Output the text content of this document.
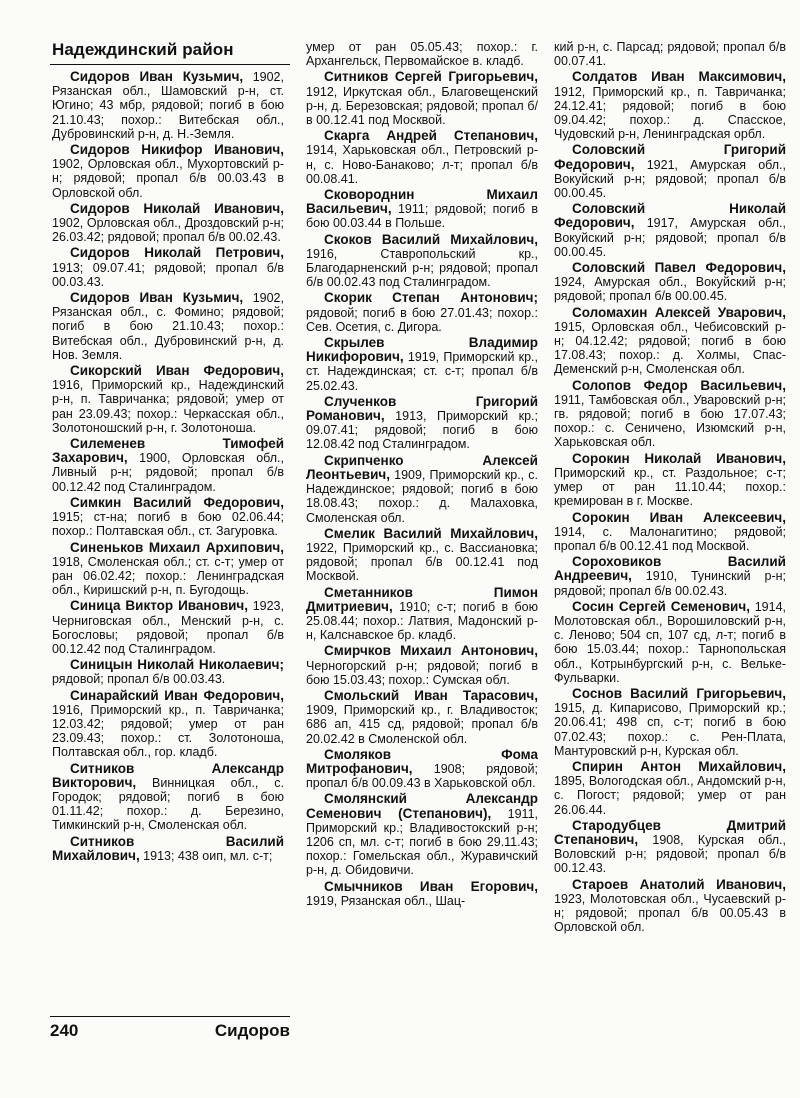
Надеждинский район
Сидоров Иван Кузьмич, 1902, Рязанская обл., Шамовский р-н, ст. Югино; 43 мбр, рядовой; погиб в бою 21.10.43; похор.: Витебская обл., Дубровинский р-н, д. Н.-Земля.
Сидоров Никифор Иванович, 1902, Орловская обл., Мухортовский р-н; рядовой; пропал б/в 00.03.43 в Орловской обл.
Сидоров Николай Иванович, 1902, Орловская обл., Дроздовский р-н; 26.03.42; рядовой; пропал б/в 00.02.43.
Сидоров Николай Петрович, 1913; 09.07.41; рядовой; пропал б/в 00.03.43.
Сидоров Иван Кузьмич, 1902, Рязанская обл., с. Фомино; рядовой; погиб в бою 21.10.43; похор.: Витебская обл., Дубровинский р-н, д. Нов. Земля.
Сикорский Иван Федорович, 1916, Приморский кр., Надеждинский р-н, п. Тавричанка; рядовой; умер от ран 23.09.43; похор.: Черкасская обл., Золотоношский р-н, г. Золотоноша.
Силеменев Тимофей Захарович, 1900, Орловская обл., Ливный р-н; рядовой; пропал б/в 00.12.42 под Сталинградом.
Симкин Василий Федорович, 1915; ст-на; погиб в бою 02.06.44; похор.: Полтавская обл., ст. Загуровка.
Синеньков Михаил Архипович, 1918, Смоленская обл.; ст. с-т; умер от ран 06.02.42; похор.: Ленинградская обл., Киришский р-н, п. Бугодощь.
Синица Виктор Иванович, 1923, Черниговская обл., Менский р-н, с. Богословы; рядовой; пропал б/в 00.12.42 под Сталинградом.
Синицын Николай Николаевич; рядовой; пропал б/в 00.03.43.
Синарайский Иван Федорович, 1916, Приморский кр., п. Тавричанка; 12.03.42; рядовой; умер от ран 23.09.43; похор.: ст. Золотоноша, Полтавская обл., гор. кладб.
Ситников Александр Викторович, Винницкая обл., с. Городок; рядовой; погиб в бою 01.11.42; похор.: д. Березино, Тимкинский р-н, Смоленская обл.
Ситников Василий Михайлович, 1913; 438 оип, мл. с-т;
умер от ран 05.05.43; похор.: г. Архангельск, Первомайское в. кладб.
Ситников Сергей Григорьевич, 1912, Иркутская обл., Благовещенский р-н, д. Березовская; рядовой; пропал б/в 00.12.41 под Москвой.
Скарга Андрей Степанович, 1914, Харьковская обл., Петровский р-н, с. Ново-Банаково; л-т; пропал б/в 00.08.41.
Сковороднин Михаил Васильевич, 1911; рядовой; погиб в бою 00.03.44 в Польше.
Скоков Василий Михайлович, 1916, Ставропольский кр., Благодарненский р-н; рядовой; пропал б/в 00.02.43 под Сталинградом.
Скорик Степан Антонович; рядовой; погиб в бою 27.01.43; похор.: Сев. Осетия, с. Дигора.
Скрылев Владимир Никифорович, 1919, Приморский кр., ст. Надеждинская; ст. с-т; пропал б/в 25.02.43.
Слученков Григорий Романович, 1913, Приморский кр.; 09.07.41; рядовой; погиб в бою 12.08.42 под Сталинградом.
Скрипченко Алексей Леонтьевич, 1909, Приморский кр., с. Надеждинское; рядовой; погиб в бою 18.08.43; похор.: д. Малаховка, Смоленская обл.
Смелик Василий Михайлович, 1922, Приморский кр., с. Вассиановка; рядовой; пропал б/в 00.12.41 под Москвой.
Сметанников Пимон Дмитриевич, 1910; с-т; погиб в бою 25.08.44; похор.: Латвия, Мадонский р-н, Калснавское бр. кладб.
Смирчков Михаил Антонович, Черногорский р-н; рядовой; погиб в бою 15.03.43; похор.: Сумская обл.
Смольский Иван Тарасович, 1909, Приморский кр., г. Владивосток; 686 ап, 415 сд, рядовой; пропал б/в 20.02.42 в Смоленской обл.
Смоляков Фома Митрофанович, 1908; рядовой; пропал б/в 00.09.43 в Харьковской обл.
Смолянский Александр Семенович (Степанович), 1911, Приморский кр.; Владивостокский р-н; 1206 сп, мл. с-т; погиб в бою 29.11.43; похор.: Гомельская обл., Журавичский р-н, д. Обидовичи.
Смычников Иван Егорович, 1919, Рязанская обл., Шац-
кий р-н, с. Парсад; рядовой; пропал б/в 00.07.41.
Солдатов Иван Максимович, 1912, Приморский кр., п. Тавричанка; 24.12.41; рядовой; погиб в бою 09.04.42; похор.: д. Спасское, Чудовский р-н, Ленинградская орбл.
Соловский Григорий Федорович, 1921, Амурская обл., Вокуйский р-н; рядовой; пропал б/в 00.00.45.
Соловский Николай Федорович, 1917, Амурская обл., Вокуйский р-н; рядовой; пропал б/в 00.00.45.
Соловский Павел Федорович, 1924, Амурская обл., Вокуйский р-н; рядовой; пропал б/в 00.00.45.
Соломахин Алексей Уварович, 1915, Орловская обл., Чебисовский р-н; 04.12.42; рядовой; погиб в бою 17.08.43; похор.: д. Холмы, Спас-Деменский р-н, Смоленская обл.
Солопов Федор Васильевич, 1911, Тамбовская обл., Уваровский р-н; гв. рядовой; погиб в бою 17.07.43; похор.: с. Сеничено, Изюмский р-н, Харьковская обл.
Сорокин Николай Иванович, Приморский кр., ст. Раздольное; с-т; умер от ран 11.10.44; похор.: кремирован в г. Москве.
Сорокин Иван Алексеевич, 1914, с. Малонагитино; рядовой; пропал б/в 00.12.41 под Москвой.
Сороховиков Василий Андреевич, 1910, Тунинский р-н; рядовой; пропал б/в 00.02.43.
Сосин Сергей Семенович, 1914, Молотовская обл., Ворошиловский р-н, с. Леново; 504 сп, 107 сд, л-т; погиб в бою 15.03.44; похор.: Тарнопольская обл., Котрынбургский р-н, с. Вельке-Фульварки.
Соснов Василий Григорьевич, 1915, д. Кипарисово, Приморский кр.; 20.06.41; 498 сп, с-т; погиб в бою 07.02.43; похор.: с. Рен-Плата, Мантуровский р-н, Курская обл.
Спирин Антон Михайлович, 1895, Вологодская обл., Андомский р-н, с. Погост; рядовой; умер от ран 26.06.44.
Стародубцев Дмитрий Степанович, 1908, Курская обл., Воловский р-н; рядовой; пропал б/в 00.12.43.
Староев Анатолий Иванович, 1923, Молотовская обл., Чусаевский р-н; рядовой; пропал б/в 00.05.43 в Орловской обл.
240	Сидоров
